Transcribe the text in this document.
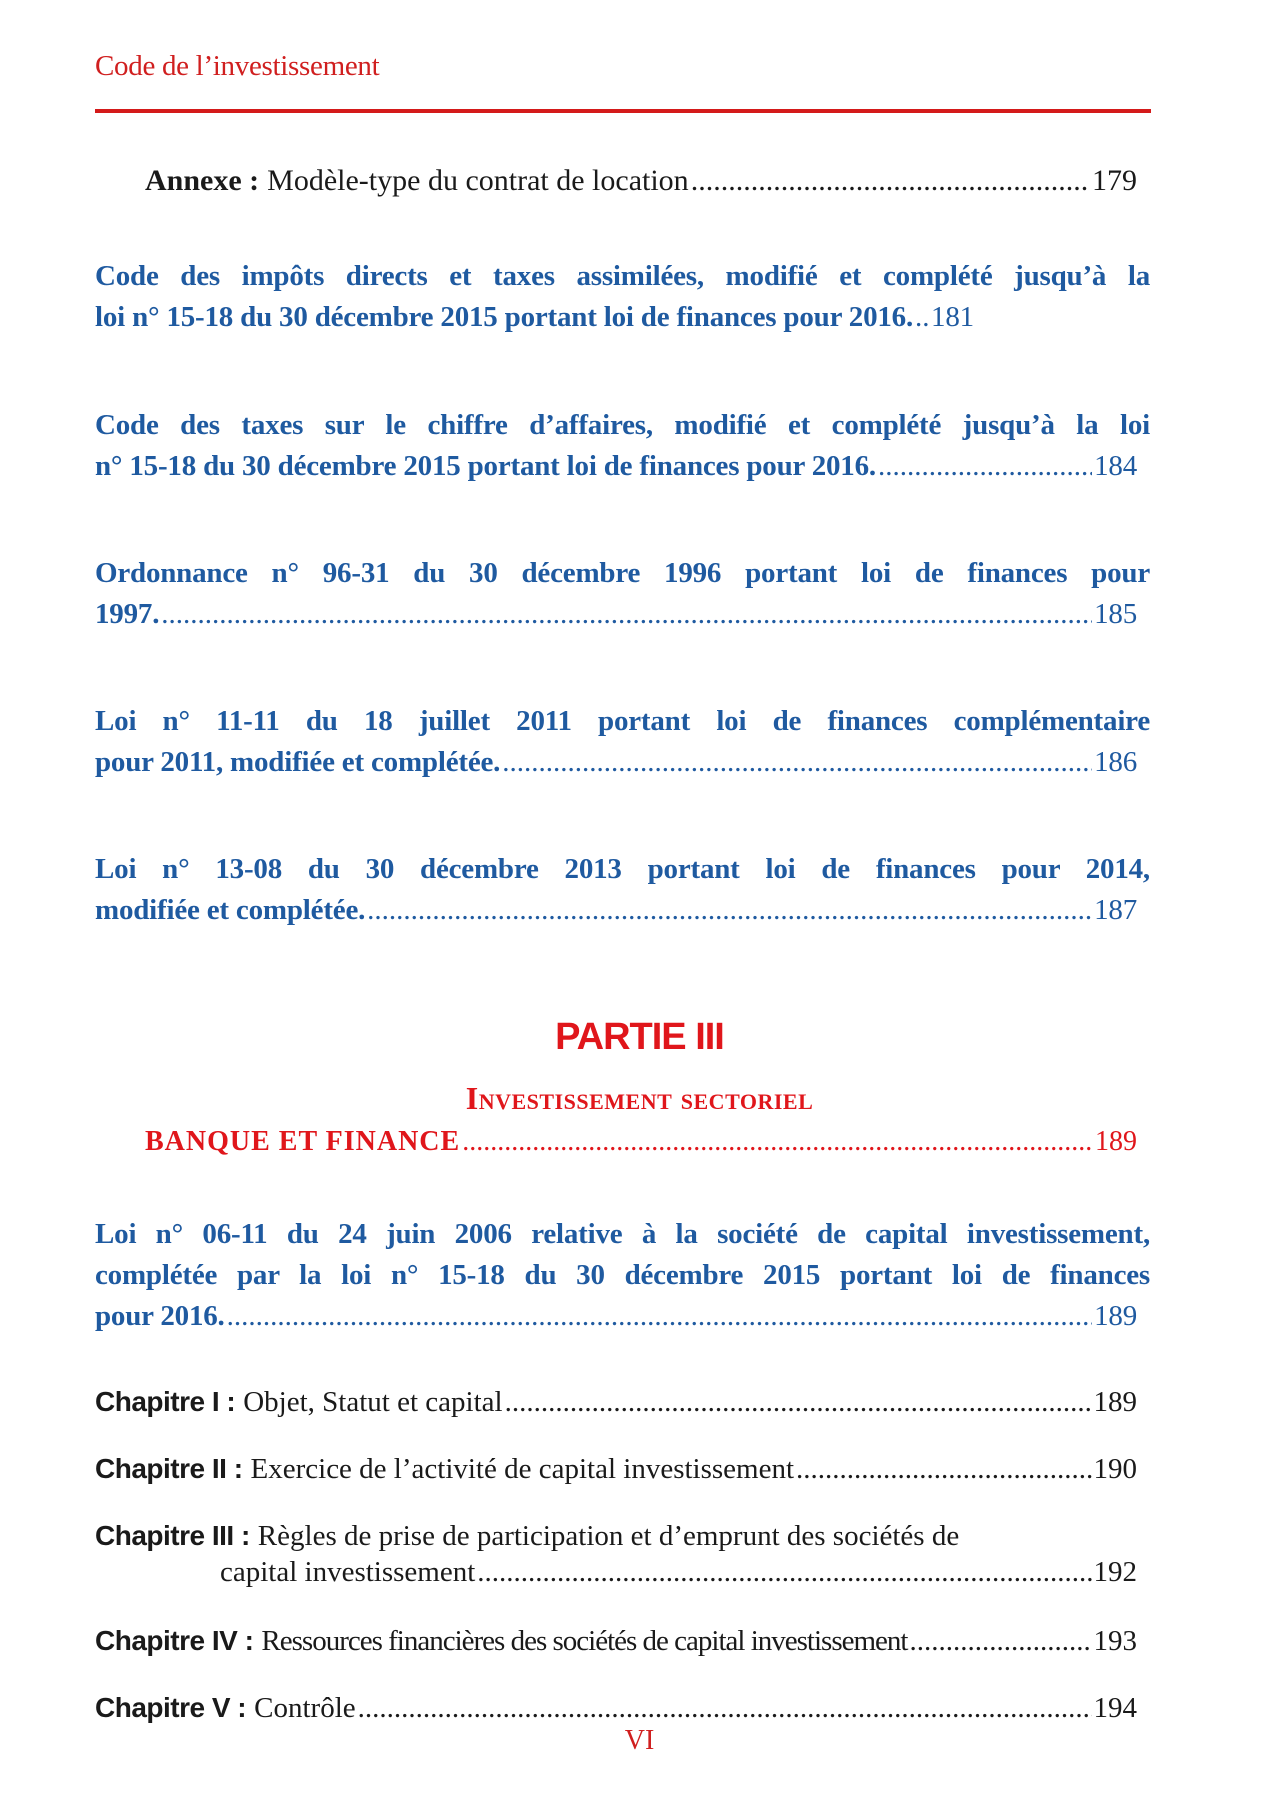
Code de l’investissement
Annexe : Modèle-type du contrat de location .....	179
Code des impôts directs et taxes assimilées, modifié et complété jusqu’à la
loi n° 15-18 du 30 décembre 2015 portant loi de finances pour 2016. ..... 181
Code des taxes sur le chiffre d’affaires, modifié et complété jusqu’à la loi
n° 15-18 du 30 décembre 2015 portant loi de finances pour 2016. .....	184
Ordonnance n° 96-31 du 30 décembre 1996 portant loi de finances pour
1997. .....	185
Loi n° 11-11 du 18 juillet 2011 portant loi de finances complémentaire
pour 2011, modifiée et complétée. .....	186
Loi n° 13-08 du 30 décembre 2013 portant loi de finances pour 2014,
modifiée et complétée. .....	187
PARTIE III
Investissement sectoriel
BANQUE ET FINANCE .....	189
Loi n° 06-11 du 24 juin 2006 relative à la société de capital investissement,
complétée par la loi n° 15-18 du 30 décembre 2015 portant loi de finances
pour 2016. .....	189
Chapitre I : Objet, Statut et capital .....	189
Chapitre II : Exercice de l’activité de capital investissement .....	190
Chapitre III : Règles de prise de participation et d’emprunt des sociétés de
capital investissement .....	192
Chapitre IV : Ressources financières des sociétés de capital investissement .....	193
Chapitre V : Contrôle .....	194
VI
